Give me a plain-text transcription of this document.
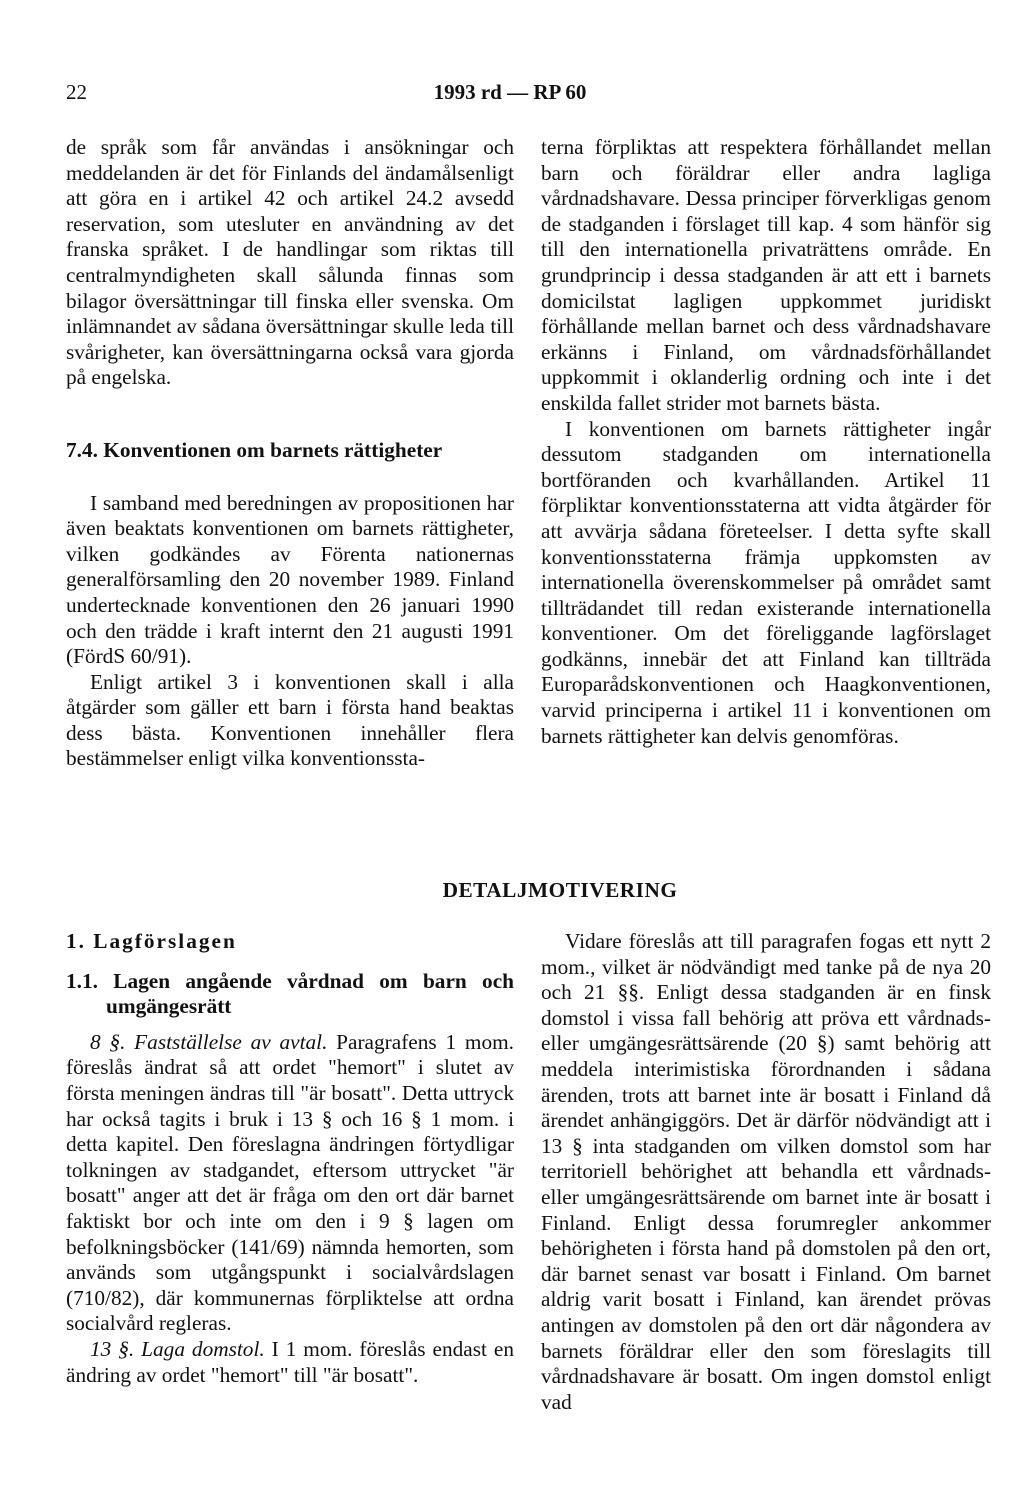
22	1993 rd — RP 60

de språk som får användas i ansökningar och meddelanden är det för Finlands del ändamålsenligt att göra en i artikel 42 och artikel 24.2 avsedd reservation, som utesluter en användning av det franska språket. I de handlingar som riktas till centralmyndigheten skall sålunda finnas som bilagor översättningar till finska eller svenska. Om inlämnandet av sådana översättningar skulle leda till svårigheter, kan översättningarna också vara gjorda på engelska.

7.4. Konventionen om barnets rättigheter

I samband med beredningen av propositionen har även beaktats konventionen om barnets rättigheter, vilken godkändes av Förenta nationernas generalförsamling den 20 november 1989. Finland undertecknade konventionen den 26 januari 1990 och den trädde i kraft internt den 21 augusti 1991 (FördS 60/91).

Enligt artikel 3 i konventionen skall i alla åtgärder som gäller ett barn i första hand beaktas dess bästa. Konventionen innehåller flera bestämmelser enligt vilka konventionssta-

terna förpliktas att respektera förhållandet mellan barn och föräldrar eller andra lagliga vårdnadshavare. Dessa principer förverkligas genom de stadganden i förslaget till kap. 4 som hänför sig till den internationella privaträttens område. En grundprincip i dessa stadganden är att ett i barnets domicilstat lagligen uppkommet juridiskt förhållande mellan barnet och dess vårdnadshavare erkänns i Finland, om vårdnadsförhållandet uppkommit i oklanderlig ordning och inte i det enskilda fallet strider mot barnets bästa.

I konventionen om barnets rättigheter ingår dessutom stadganden om internationella bortföranden och kvarhållanden. Artikel 11 förpliktar konventionsstaterna att vidta åtgärder för att avvärja sådana företeelser. I detta syfte skall konventionsstaterna främja uppkomsten av internationella överenskommelser på området samt tillträdandet till redan existerande internationella konventioner. Om det föreliggande lagförslaget godkänns, innebär det att Finland kan tillträda Europarådskonventionen och Haagkonventionen, varvid principerna i artikel 11 i konventionen om barnets rättigheter kan delvis genomföras.

DETALJMOTIVERING

1. Lagförslagen

1.1. Lagen angående vårdnad om barn och umgängesrätt

8 §. Fastställelse av avtal. Paragrafens 1 mom. föreslås ändrat så att ordet "hemort" i slutet av första meningen ändras till "är bosatt". Detta uttryck har också tagits i bruk i 13 § och 16 § 1 mom. i detta kapitel. Den föreslagna ändringen förtydligar tolkningen av stadgandet, eftersom uttrycket "är bosatt" anger att det är fråga om den ort där barnet faktiskt bor och inte om den i 9 § lagen om befolkningsböcker (141/69) nämnda hemorten, som används som utgångspunkt i socialvårdslagen (710/82), där kommunernas förpliktelse att ordna socialvård regleras.

13 §. Laga domstol. I 1 mom. föreslås endast en ändring av ordet "hemort" till "är bosatt".

Vidare föreslås att till paragrafen fogas ett nytt 2 mom., vilket är nödvändigt med tanke på de nya 20 och 21 §§. Enligt dessa stadganden är en finsk domstol i vissa fall behörig att pröva ett vårdnads- eller umgängesrättsärende (20 §) samt behörig att meddela interimistiska förordnanden i sådana ärenden, trots att barnet inte är bosatt i Finland då ärendet anhängiggörs. Det är därför nödvändigt att i 13 § inta stadganden om vilken domstol som har territoriell behörighet att behandla ett vårdnads- eller umgängesrättsärende om barnet inte är bosatt i Finland. Enligt dessa forumregler ankommer behörigheten i första hand på domstolen på den ort, där barnet senast var bosatt i Finland. Om barnet aldrig varit bosatt i Finland, kan ärendet prövas antingen av domstolen på den ort där någondera av barnets föräldrar eller den som föreslagits till vårdnadshavare är bosatt. Om ingen domstol enligt vad
